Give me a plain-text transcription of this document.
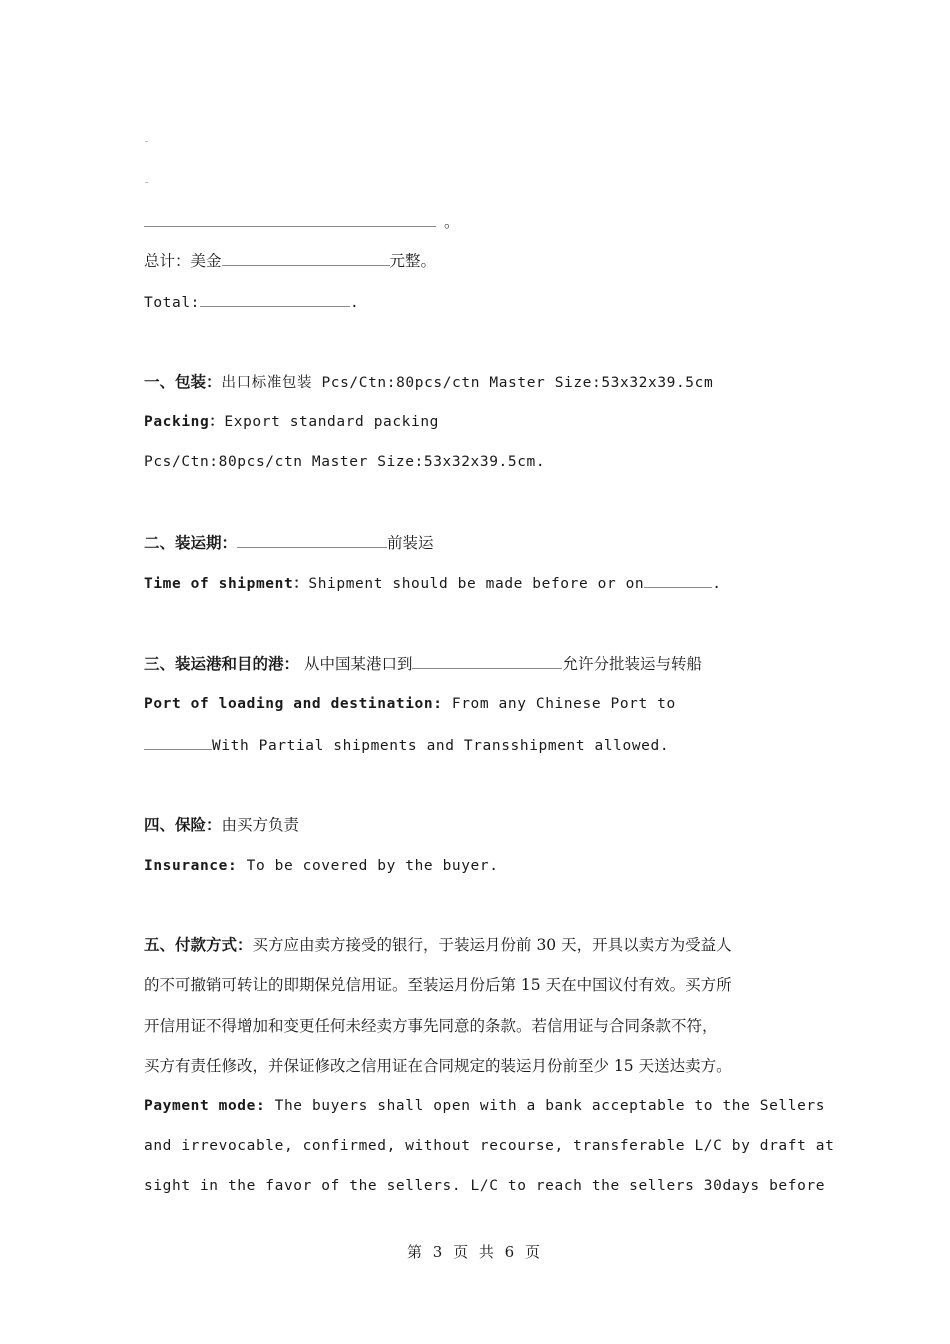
。
总计：美金	元整。
Total:	.
一、包装：出口标准包装 Pcs/Ctn:80pcs/ctn Master Size:53x32x39.5cm
Packing：Export standard packing
Pcs/Ctn:80pcs/ctn Master Size:53x32x39.5cm.
二、装运期：	前装运
Time of shipment：Shipment should be made before or on	.
三、装运港和目的港： 从中国某港口到	允许分批装运与转船
Port of loading and destination: From any Chinese Port to
With Partial shipments and Transshipment allowed.
四、保险：由买方负责
Insurance: To be covered by the buyer.
五、付款方式：买方应由卖方接受的银行，于装运月份前 30 天，开具以卖方为受益人
的不可撤销可转让的即期保兑信用证。至装运月份后第 15 天在中国议付有效。买方所
开信用证不得增加和变更任何未经卖方事先同意的条款。若信用证与合同条款不符，
买方有责任修改，并保证修改之信用证在合同规定的装运月份前至少 15 天送达卖方。
Payment mode: The buyers shall open with a bank acceptable to the Sellers
and irrevocable, confirmed, without recourse, transferable L/C by draft at
sight in the favor of the sellers. L/C to reach the sellers 30days before
第 3 页 共 6 页
